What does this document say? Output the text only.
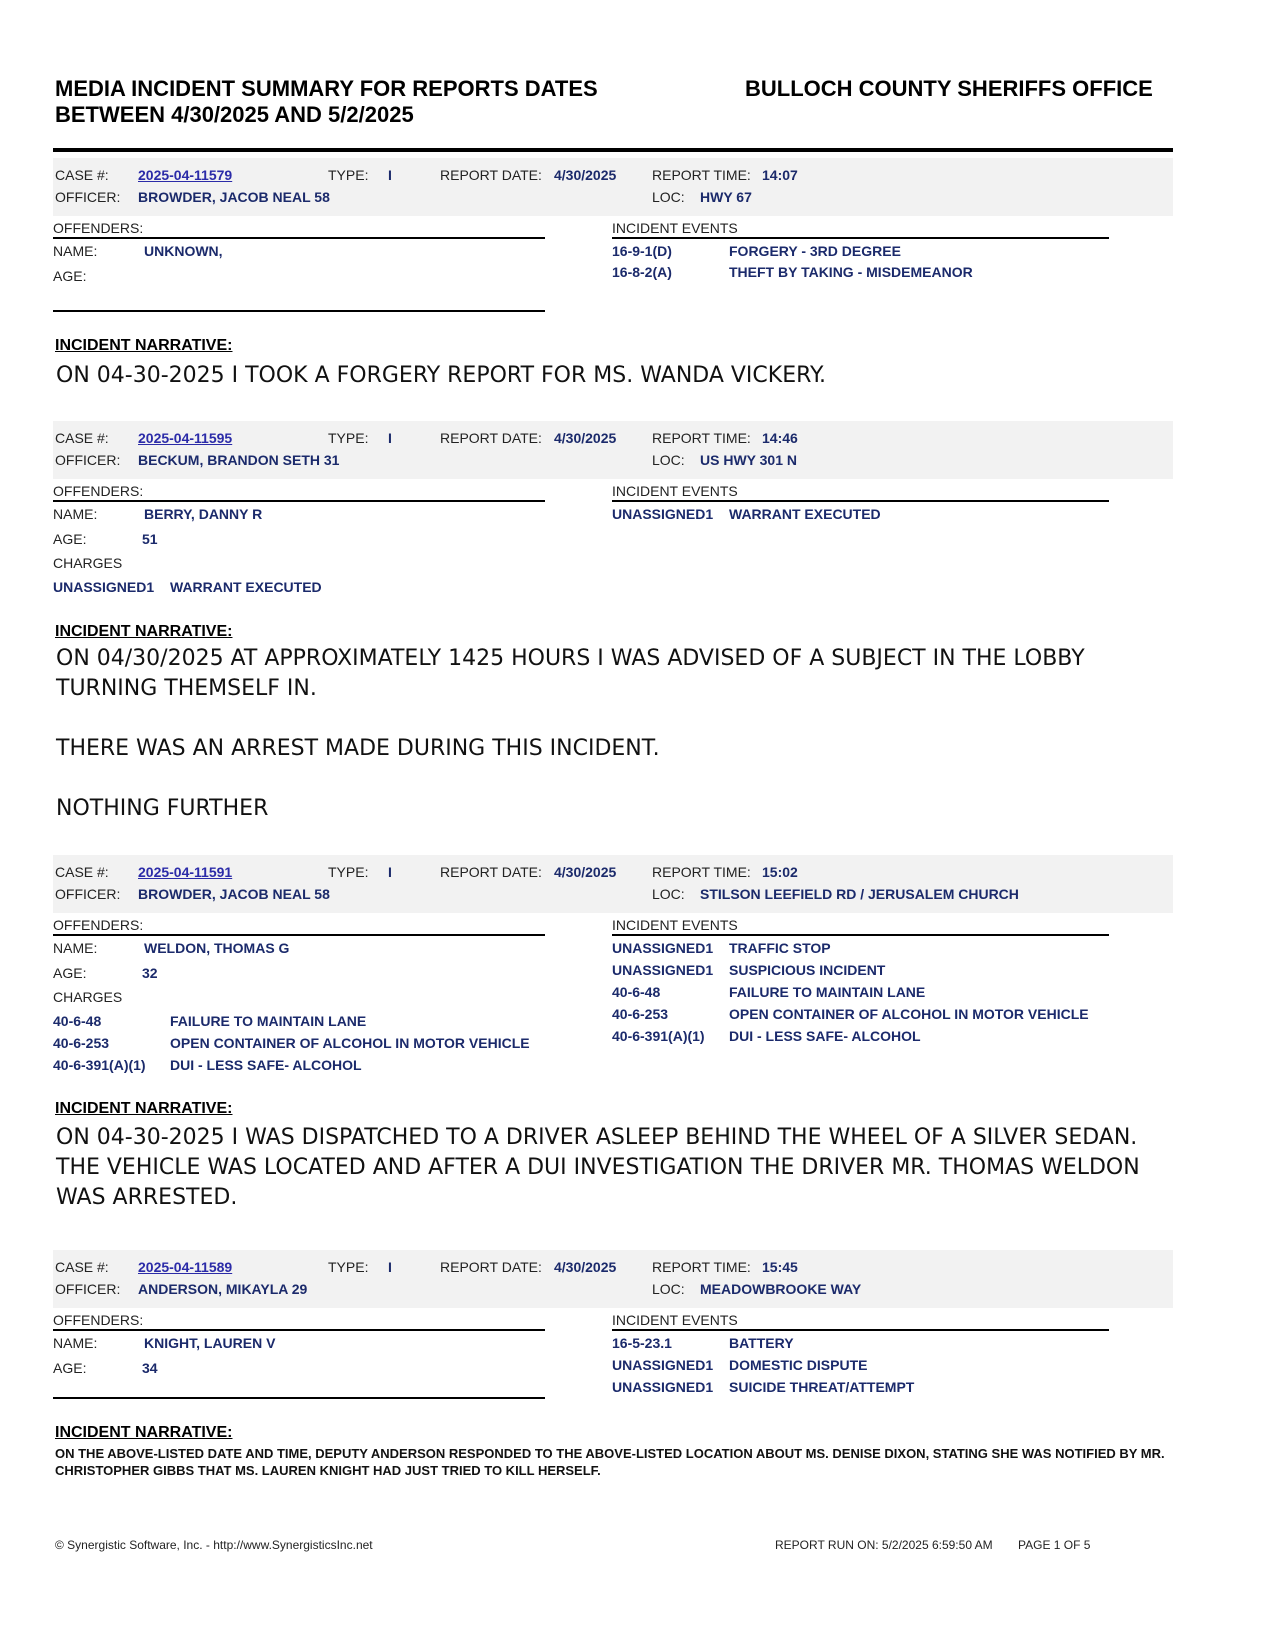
MEDIA INCIDENT SUMMARY FOR REPORTS DATES
BETWEEN 4/30/2025 AND 5/2/2025
BULLOCH COUNTY SHERIFFS OFFICE
CASE #: 2025-04-11579	TYPE: I	REPORT DATE: 4/30/2025	REPORT TIME: 14:07
OFFICER: BROWDER, JACOB NEAL 58	LOC: HWY 67
OFFENDERS:	INCIDENT EVENTS
NAME:	UNKNOWN,
AGE:
16-9-1(D)	FORGERY - 3RD DEGREE
16-8-2(A)	THEFT BY TAKING - MISDEMEANOR
INCIDENT NARRATIVE:
ON 04-30-2025 I TOOK A FORGERY REPORT FOR MS. WANDA VICKERY.
CASE #: 2025-04-11595	TYPE: I	REPORT DATE: 4/30/2025	REPORT TIME: 14:46
OFFICER: BECKUM, BRANDON SETH 31	LOC: US HWY 301 N
OFFENDERS:	INCIDENT EVENTS
NAME:	BERRY, DANNY R
AGE:	51
CHARGES
UNASSIGNED1 WARRANT EXECUTED
UNASSIGNED1 WARRANT EXECUTED
INCIDENT NARRATIVE:
ON 04/30/2025 AT APPROXIMATELY 1425 HOURS I WAS ADVISED OF A SUBJECT IN THE LOBBY TURNING THEMSELF IN.

THERE WAS AN ARREST MADE DURING THIS INCIDENT.

NOTHING FURTHER
CASE #: 2025-04-11591	TYPE: I	REPORT DATE: 4/30/2025	REPORT TIME: 15:02
OFFICER: BROWDER, JACOB NEAL 58	LOC: STILSON LEEFIELD RD / JERUSALEM CHURCH
OFFENDERS:	INCIDENT EVENTS
NAME:	WELDON, THOMAS G
AGE:	32
CHARGES
40-6-48	FAILURE TO MAINTAIN LANE
40-6-253	OPEN CONTAINER OF ALCOHOL IN MOTOR VEHICLE
40-6-391(A)(1) DUI - LESS SAFE- ALCOHOL
UNASSIGNED1 TRAFFIC STOP
UNASSIGNED1 SUSPICIOUS INCIDENT
40-6-48	FAILURE TO MAINTAIN LANE
40-6-253	OPEN CONTAINER OF ALCOHOL IN MOTOR VEHICLE
40-6-391(A)(1) DUI - LESS SAFE- ALCOHOL
INCIDENT NARRATIVE:
ON 04-30-2025 I WAS DISPATCHED TO A DRIVER ASLEEP BEHIND THE WHEEL OF A SILVER SEDAN. THE VEHICLE WAS LOCATED AND AFTER A DUI INVESTIGATION THE DRIVER MR. THOMAS WELDON WAS ARRESTED.
CASE #: 2025-04-11589	TYPE: I	REPORT DATE: 4/30/2025	REPORT TIME: 15:45
OFFICER: ANDERSON, MIKAYLA 29	LOC: MEADOWBROOKE WAY
OFFENDERS:	INCIDENT EVENTS
NAME:	KNIGHT, LAUREN V
AGE:	34
16-5-23.1	BATTERY
UNASSIGNED1 DOMESTIC DISPUTE
UNASSIGNED1 SUICIDE THREAT/ATTEMPT
INCIDENT NARRATIVE:
ON THE ABOVE-LISTED DATE AND TIME, DEPUTY ANDERSON RESPONDED TO THE ABOVE-LISTED LOCATION ABOUT MS. DENISE DIXON, STATING SHE WAS NOTIFIED BY MR. CHRISTOPHER GIBBS THAT MS. LAUREN KNIGHT HAD JUST TRIED TO KILL HERSELF.
© Synergistic Software, Inc. - http://www.SynergisticsInc.net	REPORT RUN ON: 5/2/2025 6:59:50 AM PAGE 1 OF 5
